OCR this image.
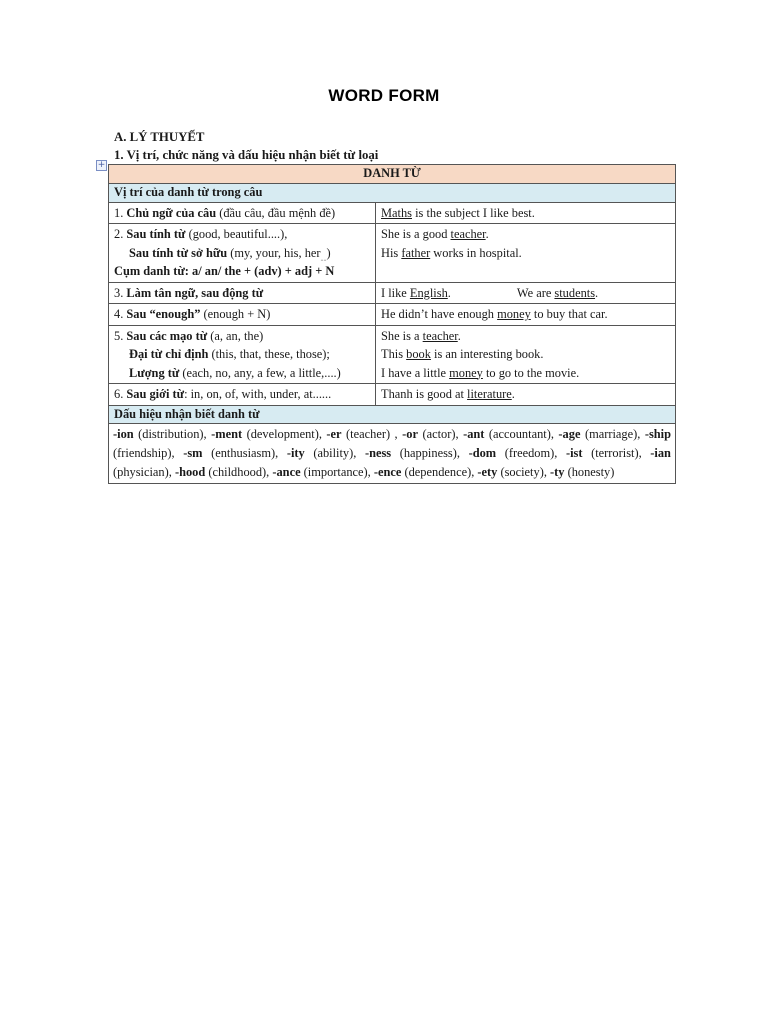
WORD FORM
+
A. LÝ THUYẾT
1. Vị trí, chức năng và dấu hiệu nhận biết từ loại
DANH TỪ	
Vị trí của danh từ trong câu	

1. Chủ ngữ của câu (đầu câu, đầu mệnh đề)	Maths is the subject I like best.

2. Sau tính từ (good, beautiful....),
Sau tính từ sở hữu (my, your, his, her$_{....}$)
Cụm danh từ: a/ an/ the + (adv) + adj + N	She is a good teacher.
His father works in hospital.

3. Làm tân ngữ, sau động từ	I like English. We are students.

4. Sau “enough” (enough + N)	He didn’t have enough money to buy that car.

5. Sau các mạo từ (a, an, the)
Đại từ chỉ định (this, that, these, those);
Lượng từ (each, no, any, a few, a little,....)	She is a teacher.
This book is an interesting book.
I have a little money to go to the movie.

6. Sau giới từ: in, on, of, with, under, at......	Thanh is good at literature.

Dấu hiệu nhận biết danh từ	
-ion (distribution), -ment (development), -er (teacher) , -or (actor), -ant (accountant), -age (marriage), -ship (friendship), -sm (enthusiasm), -ity (ability), -ness (happiness), -dom (freedom), -ist (terrorist), -ian (physician), -hood (childhood), -ance (importance), -ence (dependence), -ety (society), -ty (honesty)	
